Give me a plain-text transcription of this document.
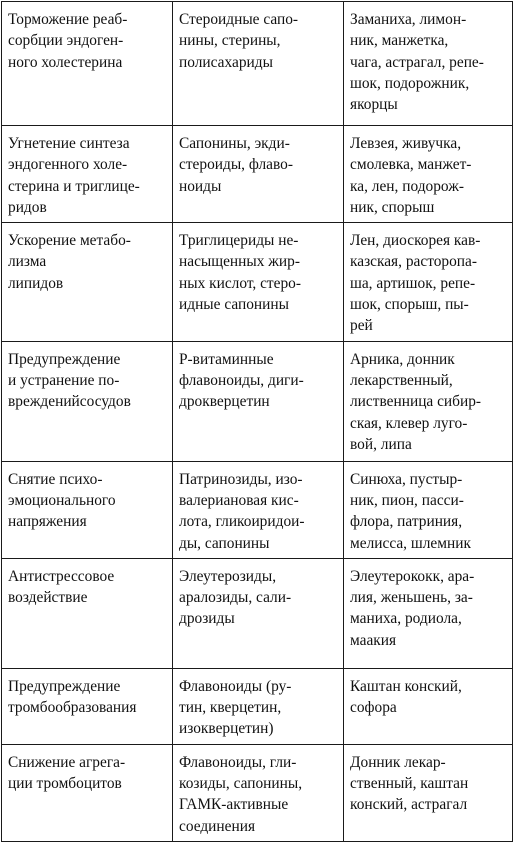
Торможение реаб-
сорбции эндоген-
ного холестерина	Стероидные сапо-
нины, стерины,
полисахариды	Заманиха, лимон-
ник, манжетка,
чага, астрагал, репе-
шок, подорожник,
якорцы

Угнетение синтеза
эндогенного холе-
стерина и триглице-
ридов	Сапонины, экди-
стероиды, флаво-
ноиды	Левзея, живучка,
смолевка, манжет-
ка, лен, подорож-
ник, спорыш

Ускорение метабо-
лизма
липидов	Триглицериды не-
насыщенных жир-
ных кислот, стеро-
идные сапонины	Лен, диоскорея кав-
казская, расторопа-
ша, артишок, репе-
шок, спорыш, пы-
рей

Предупреждение
и устранение по-
врежденийсосудов	Р-витаминные
флавоноиды, диги-
дрокверцетин	Арника, донник
лекарственный,
лиственница сибир-
ская, клевер луго-
вой, липа

Снятие психо-
эмоционального
напряжения	Патринозиды, изо-
валериановая кис-
лота, гликоиридои-
ды, сапонины	Синюха, пустыр-
ник, пион, пасси-
флора, патриния,
мелисса, шлемник

Антистрессовое
воздействие	Элеутерозиды,
аралозиды, сали-
дрозиды	Элеутерококк, ара-
лия, женьшень, за-
маниха, родиола,
маакия

Предупреждение
тромбообразования	Флавоноиды (ру-
тин, кверцетин,
изокверцетин)	Каштан конский,
софора

Снижение агрега-
ции тромбоцитов	Флавоноиды, гли-
козиды, сапонины,
ГАМК-активные
соединения	Донник лекар-
ственный, каштан
конский, астрагал
